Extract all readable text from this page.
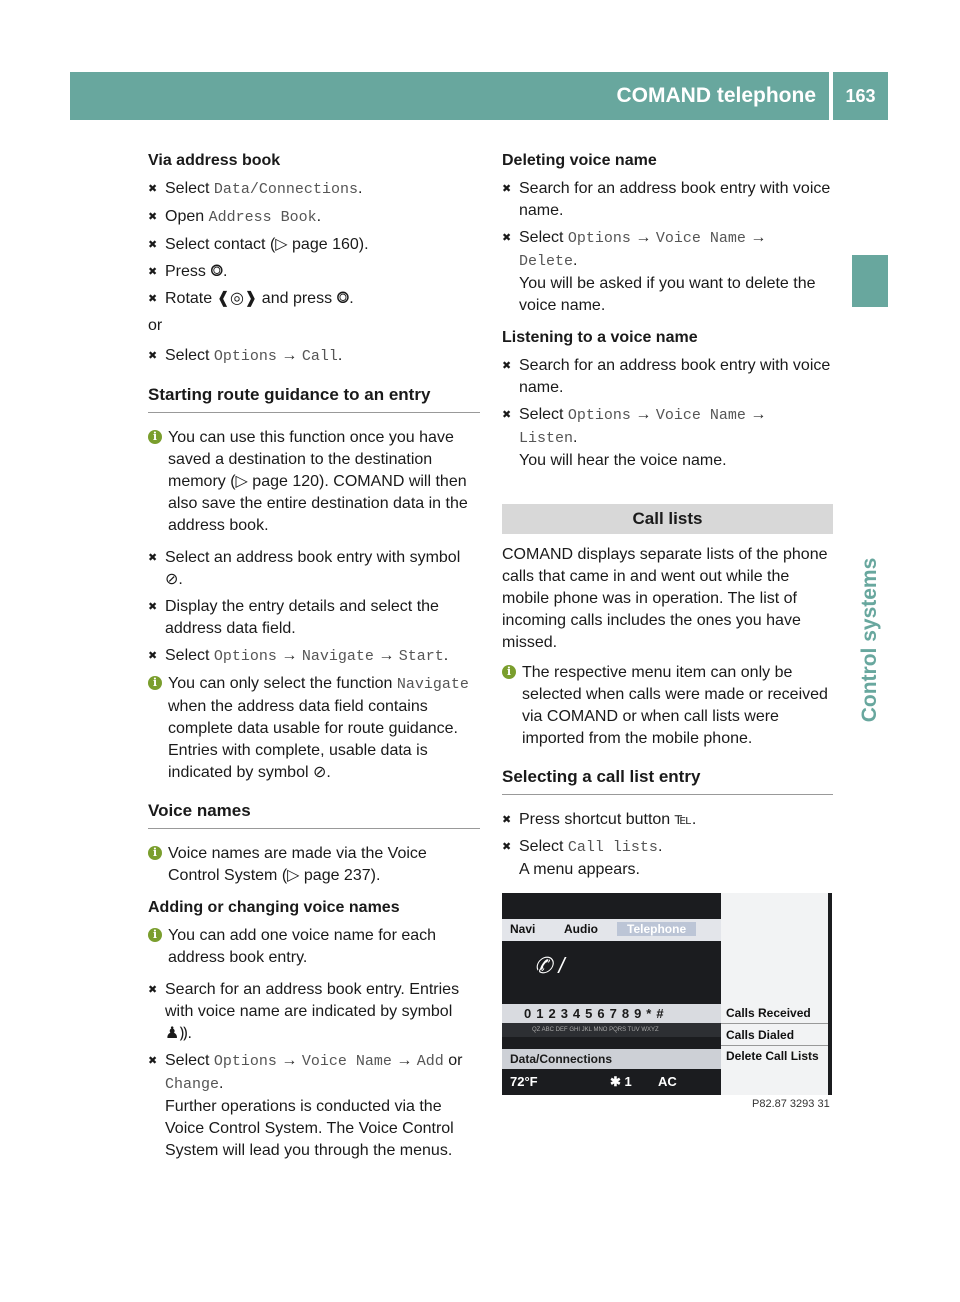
COMAND telephone	163
Control systems
Via address book
✖ Select Data/Connections.
✖ Open Address Book.
✖ Select contact (▷ page 160).
✖ Press ⭗.
✖ Rotate ❰◎❱ and press ⭗.
or
✖ Select Options → Call.
Starting route guidance to an entry
i You can use this function once you have saved a destination to the destination memory (▷ page 120). COMAND will then also save the entire destination data in the address book.
✖ Select an address book entry with symbol ⊘.
✖ Display the entry details and select the address data field.
✖ Select Options → Navigate → Start.
i You can only select the function Navigate when the address data field contains complete data usable for route guidance. Entries with complete, usable data is indicated by symbol ⊘.
Voice names
i Voice names are made via the Voice Control System (▷ page 237).
Adding or changing voice names
i You can add one voice name for each address book entry.
✖ Search for an address book entry. Entries with voice name are indicated by symbol ♟⸩.
✖ Select Options → Voice Name → Add or Change.
Further operations is conducted via the Voice Control System. The Voice Control System will lead you through the menus.
Deleting voice name
✖ Search for an address book entry with voice name.
✖ Select Options → Voice Name →
Delete.
You will be asked if you want to delete the voice name.
Listening to a voice name
✖ Search for an address book entry with voice name.
✖ Select Options → Voice Name →
Listen.
You will hear the voice name.
Call lists
COMAND displays separate lists of the phone calls that came in and went out while the mobile phone was in operation. The list of incoming calls includes the ones you have missed.
i The respective menu item can only be selected when calls were made or received via COMAND or when call lists were imported from the mobile phone.
Selecting a call list entry
✖ Press shortcut button ℡.
✖ Select Call lists.
A menu appears.
Navi Audio	Telephone
✆ /
0123456789*#
QZ ABC DEF GHI JKL MNO PQRS TUV WXYZ
Data/Connections
72°F	✱ 1 AC
Calls Received
Calls Dialed
Delete Call Lists
P82.87 3293 31
